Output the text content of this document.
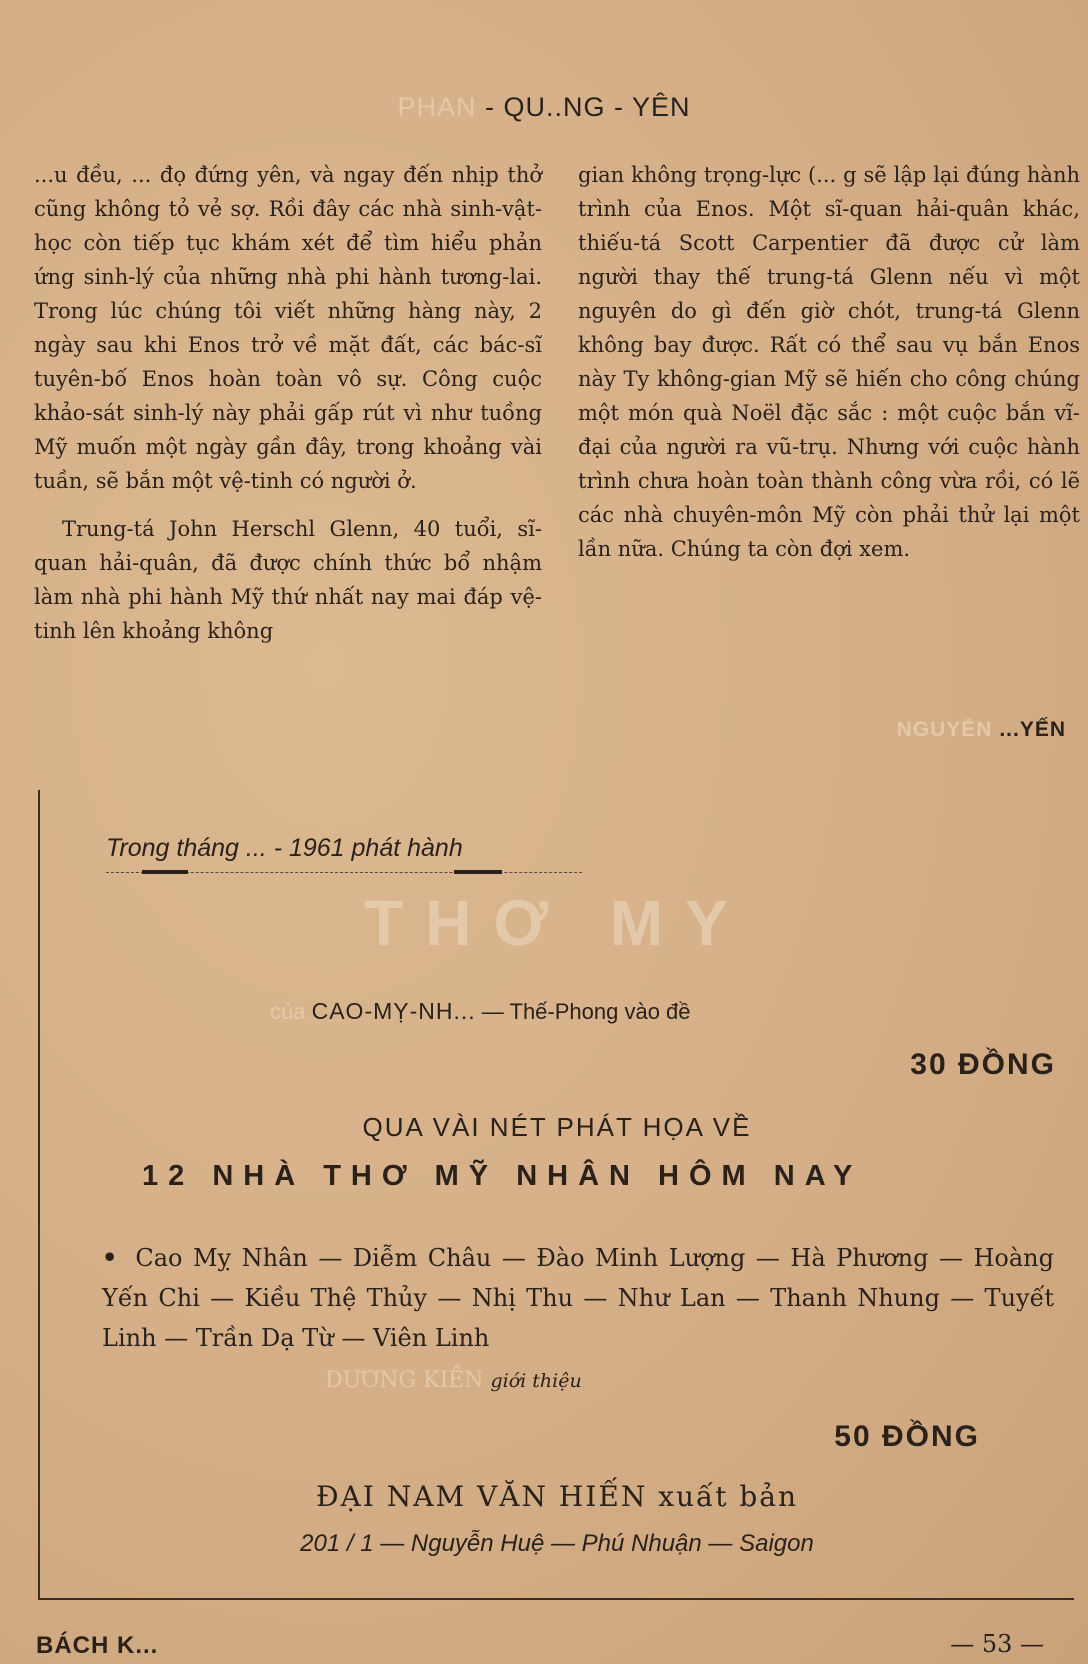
PHAN - QU..NG - YÊN

...u đều, ... đọ đứng yên, và ngay đến nhịp thở cũng không tỏ vẻ sợ. Rồi đây các nhà sinh-vật-học còn tiếp tục khám xét để tìm hiểu phản ứng sinh-lý của những nhà phi hành tương-lai. Trong lúc chúng tôi viết những hàng này, 2 ngày sau khi Enos trở về mặt đất, các bác-sĩ tuyên-bố Enos hoàn toàn vô sự. Công cuộc khảo-sát sinh-lý này phải gấp rút vì như tuồng Mỹ muốn một ngày gần đây, trong khoảng vài tuần, sẽ bắn một vệ-tinh có người ở.

Trung-tá John Herschl Glenn, 40 tuổi, sĩ-quan hải-quân, đã được chính thức bổ nhậm làm nhà phi hành Mỹ thứ nhất nay mai đáp vệ-tinh lên khoảng không

gian không trọng-lực (... g sẽ lập lại đúng hành trình của Enos. Một sĩ-quan hải-quân khác, thiếu-tá Scott Carpentier đã được cử làm người thay thế trung-tá Glenn nếu vì một nguyên do gì đến giờ chót, trung-tá Glenn không bay được. Rất có thể sau vụ bắn Enos này Ty không-gian Mỹ sẽ hiến cho công chúng một món quà Noël đặc sắc : một cuộc bắn vĩ-đại của người ra vũ-trụ. Nhưng với cuộc hành trình chưa hoàn toàn thành công vừa rồi, có lẽ các nhà chuyên-môn Mỹ còn phải thử lại một lần nữa. Chúng ta còn đợi xem.

NGUYỄN ...YẾN
Trong tháng ... - 1961 phát hành
THƠ MY
của CAO-MỴ-NH... — Thế-Phong vào đề
30 ĐỒNG
QUA VÀI NÉT PHÁT HỌA VỀ
12 NHÀ THƠ MỸ NHÂN HÔM NAY
• Cao Mỵ Nhân — Diễm Châu — Đào Minh Lượng — Hà Phương — Hoàng Yến Chi — Kiều Thệ Thủy — Nhị Thu — Như Lan — Thanh Nhung — Tuyết Linh — Trần Dạ Từ — Viên Linh
DƯƠNG KIỀN giới thiệu
50 ĐỒNG
ĐẠI NAM VĂN HIẾN xuất bản
201 / 1 — Nguyễn Huệ — Phú Nhuận — Saigon
BÁCH K...	— 53 —
